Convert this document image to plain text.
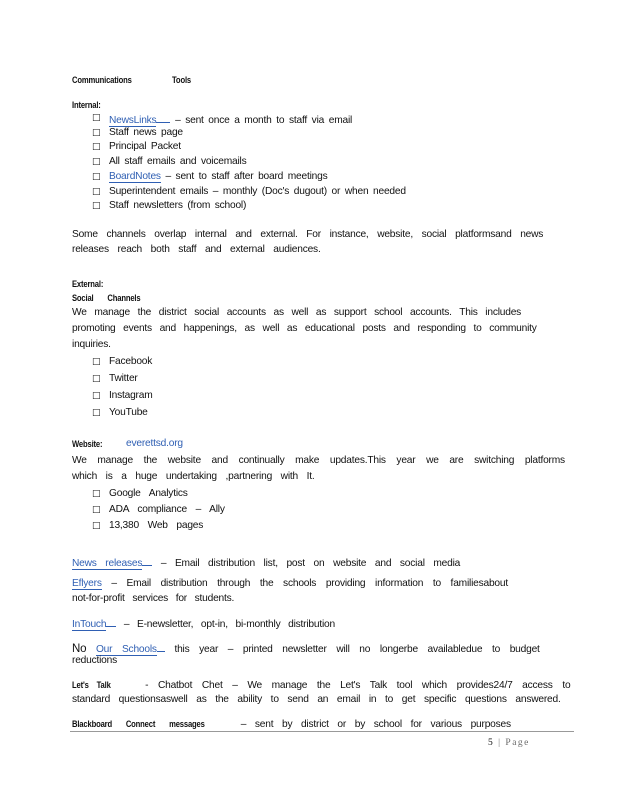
Communications	Tools
Internal:
□ NewsLinks – sent once a month to staff via email
□ Staff news page
□ Principal Packet
□ All staff emails and voicemails
□ BoardNotes – sent to staff after board meetings
□ Superintendent emails – monthly (Doc's dugout) or when needed
□ Staff newsletters (from school)
Some channels overlap internal and external. For instance, website, social platformsand news
releases reach both staff and external audiences.
External:
Social Channels
We manage the district social accounts as well as support school accounts. This includes
promoting events and happenings, as well as educational posts and responding to community
inquiries.
□ Facebook
□ Twitter
□ Instagram
□ YouTube
Website: everettsd.org
We manage the website and continually make updates.This year we are switching platforms
which is a huge undertaking ,partnering with It.
□ Google Analytics
□ ADA compliance – Ally
□ 13,380 Web pages
News releases – Email distribution list, post on website and social media
Eflyers – Email distribution through the schools providing information to familiesabout
not-for-profit services for students.
InTouch – E-newsletter, opt-in, bi-monthly distribution
No Our Schools this year – printed newsletter will no longerbe availabledue to budget
reductions
Let's Talk	- Chatbot Chet – We manage the Let's Talk tool which provides24/7 access to
standard questionsaswell as the ability to send an email in to get specific questions answered.
Blackboard Connect messages	– sent by district or by school for various purposes
5 | Page
